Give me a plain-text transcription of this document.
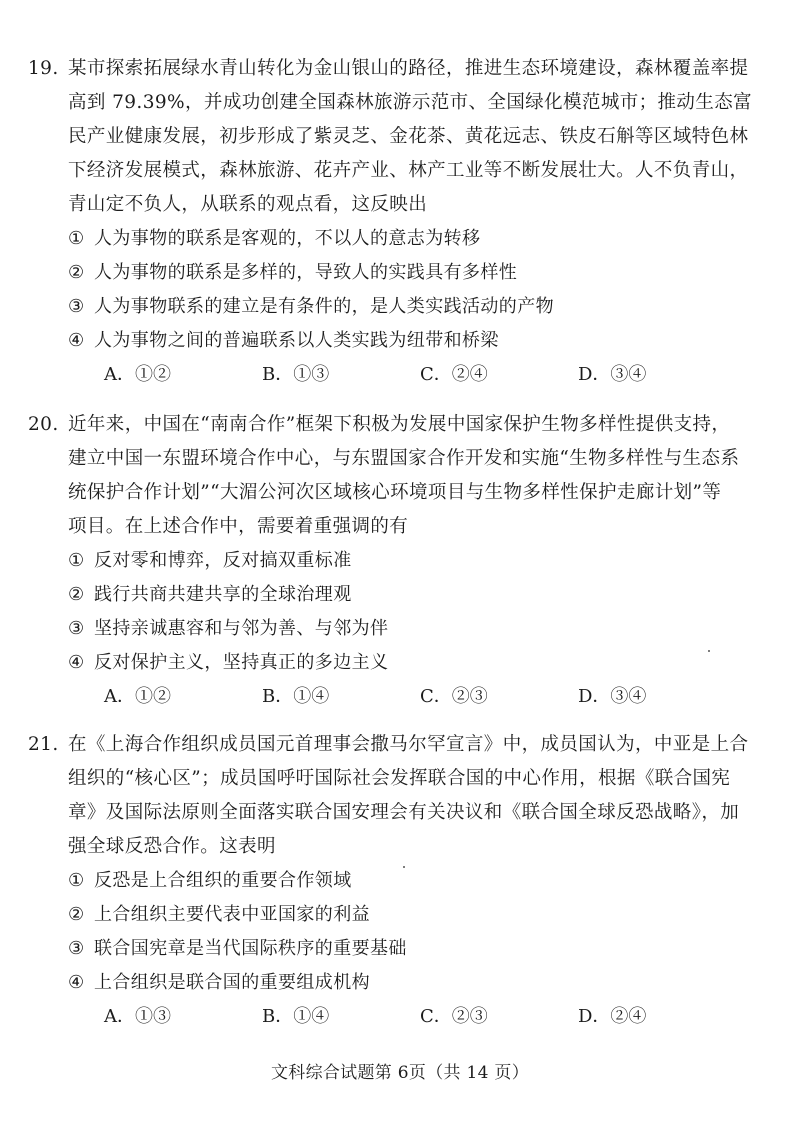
19. 某市探索拓展绿水青山转化为金山银山的路径，推进生态环境建设，森林覆盖率提
高到 79.39%，并成功创建全国森林旅游示范市、全国绿化模范城市；推动生态富
民产业健康发展，初步形成了紫灵芝、金花茶、黄花远志、铁皮石斛等区域特色林
下经济发展模式，森林旅游、花卉产业、林产工业等不断发展壮大。人不负青山，
青山定不负人，从联系的观点看，这反映出
① 人为事物的联系是客观的，不以人的意志为转移
② 人为事物的联系是多样的，导致人的实践具有多样性
③ 人为事物联系的建立是有条件的，是人类实践活动的产物
④ 人为事物之间的普遍联系以人类实践为纽带和桥梁
A．①②	B．①③	C．②④	D．③④
20. 近年来，中国在“南南合作”框架下积极为发展中国家保护生物多样性提供支持，
建立中国一东盟环境合作中心，与东盟国家合作开发和实施“生物多样性与生态系
统保护合作计划”“大湄公河次区域核心环境项目与生物多样性保护走廊计划”等
项目。在上述合作中，需要着重强调的有
① 反对零和博弈，反对搞双重标准
② 践行共商共建共享的全球治理观
③ 坚持亲诚惠容和与邻为善、与邻为伴
④ 反对保护主义，坚持真正的多边主义
A．①②	B．①④	C．②③	D．③④
21. 在《上海合作组织成员国元首理事会撒马尔罕宣言》中，成员国认为，中亚是上合
组织的“核心区”；成员国呼吁国际社会发挥联合国的中心作用，根据《联合国宪
章》及国际法原则全面落实联合国安理会有关决议和《联合国全球反恐战略》，加
强全球反恐合作。这表明
① 反恐是上合组织的重要合作领域
② 上合组织主要代表中亚国家的利益
③ 联合国宪章是当代国际秩序的重要基础
④ 上合组织是联合国的重要组成机构
A．①③	B．①④	C．②③	D．②④
文科综合试题第 6页（共 14 页）
